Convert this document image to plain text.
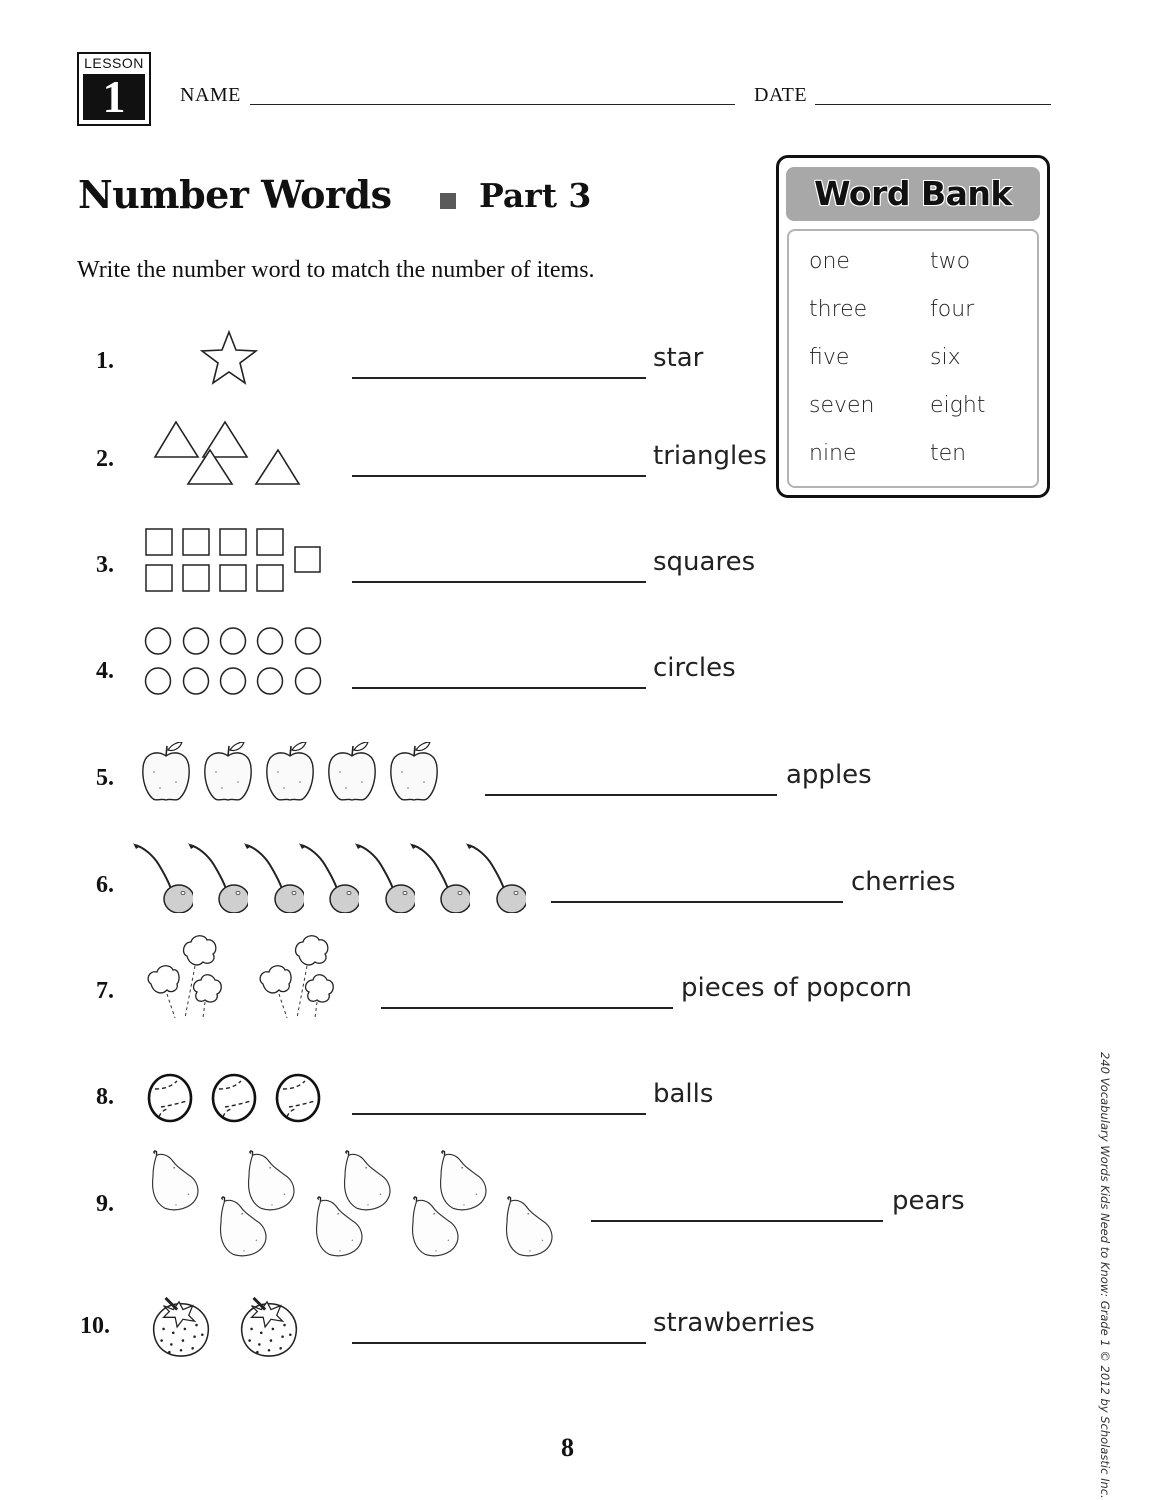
LESSON
1	NAME	DATE
Number Words	Part 3
Write the number word to match the number of items.
Word Bank
one	two
three	four
five	six
seven	eight
nine	ten
1.	star
2.	triangles
3.	squares
4.	circles
5.	apples
6.	cherries
7.	pieces of popcorn
8.	balls
9.	pears
10.	strawberries
8	240 Vocabulary Words Kids Need to Know: Grade 1 © 2012 by Scholastic Inc.
